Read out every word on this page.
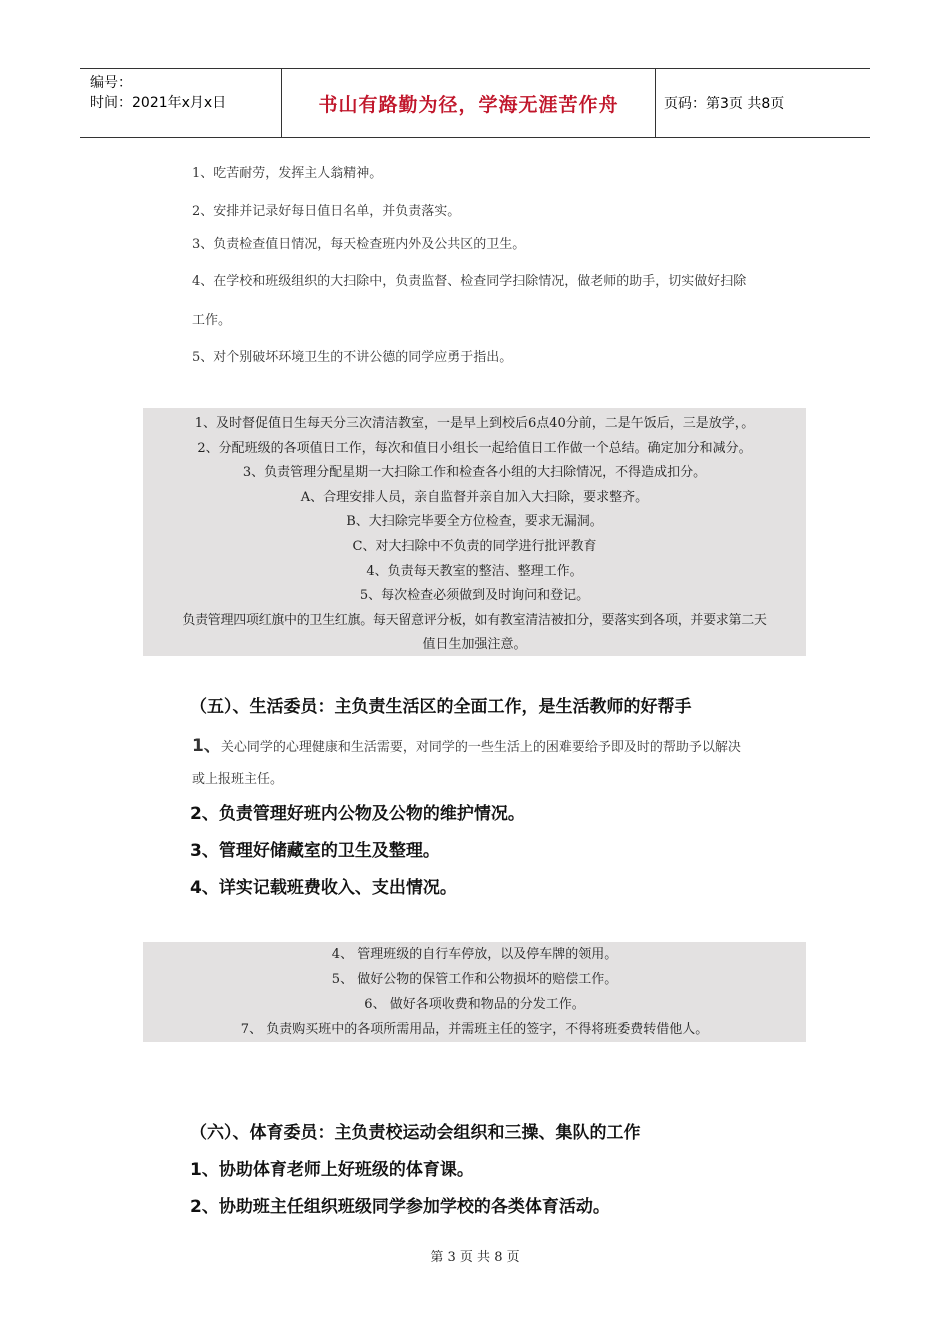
编号：
时间：2021年x月x日	书山有路勤为径，学海无涯苦作舟	页码：第3页 共8页
1、吃苦耐劳，发挥主人翁精神。
2、安排并记录好每日值日名单，并负责落实。
3、负责检查值日情况，每天检查班内外及公共区的卫生。
4、在学校和班级组织的大扫除中，负责监督、检查同学扫除情况，做老师的助手，切实做好扫除
工作。
5、对个别破坏环境卫生的不讲公德的同学应勇于指出。
1、及时督促值日生每天分三次清洁教室，一是早上到校后6点40分前，二是午饭后，三是放学，。
2、分配班级的各项值日工作，每次和值日小组长一起给值日工作做一个总结。确定加分和减分。
3、负责管理分配星期一大扫除工作和检查各小组的大扫除情况，不得造成扣分。
A、合理安排人员，亲自监督并亲自加入大扫除，要求整齐。
B、大扫除完毕要全方位检查，要求无漏洞。
C、对大扫除中不负责的同学进行批评教育
4、负责每天教室的整洁、整理工作。
5、每次检查必须做到及时询问和登记。
负责管理四项红旗中的卫生红旗。每天留意评分板，如有教室清洁被扣分，要落实到各项，并要求第二天
值日生加强注意。
（五）、生活委员：主负责生活区的全面工作，是生活教师的好帮手
1、关心同学的心理健康和生活需要，对同学的一些生活上的困难要给予即及时的帮助予以解决
或上报班主任。
2、负责管理好班内公物及公物的维护情况。
3、管理好储藏室的卫生及整理。
4、详实记载班费收入、支出情况。
4、 管理班级的自行车停放，以及停车牌的领用。
5、 做好公物的保管工作和公物损坏的赔偿工作。
6、 做好各项收费和物品的分发工作。
7、 负责购买班中的各项所需用品，并需班主任的签字，不得将班委费转借他人。
（六）、体育委员：主负责校运动会组织和三操、集队的工作
1、协助体育老师上好班级的体育课。
2、协助班主任组织班级同学参加学校的各类体育活动。
第 3 页 共 8 页
